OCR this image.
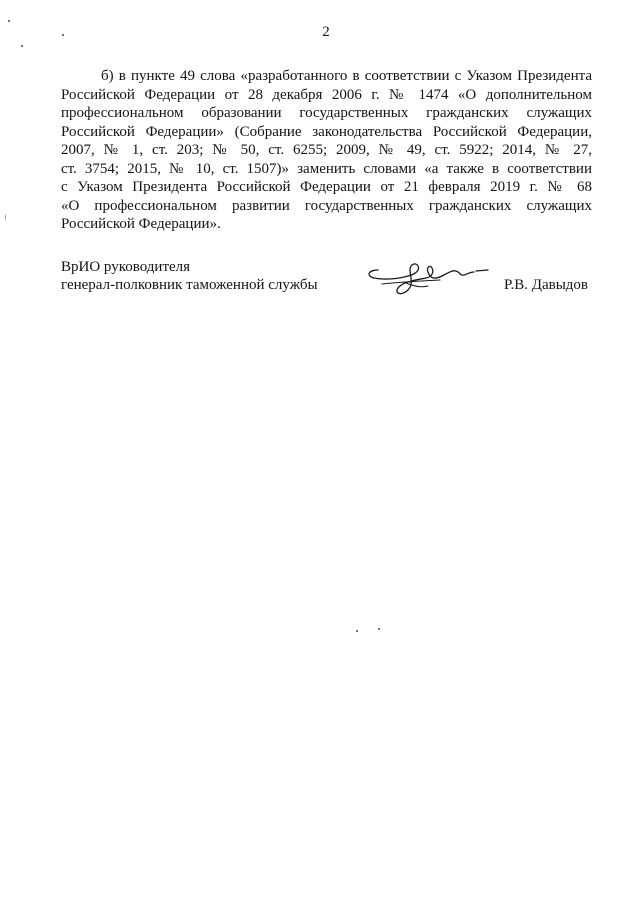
2
б) в пункте 49 слова «разработанного в соответствии с Указом Президента
Российской Федерации от 28 декабря 2006 г. № 1474 «О дополнительном
профессиональном образовании государственных гражданских служащих
Российской Федерации» (Собрание законодательства Российской Федерации,
2007, № 1, ст. 203; № 50, ст. 6255; 2009, № 49, ст. 5922; 2014, № 27,
ст. 3754; 2015, № 10, ст. 1507)» заменить словами «а также в соответствии
с Указом Президента Российской Федерации от 21 февраля 2019 г. № 68
«О профессиональном развитии государственных гражданских служащих
Российской Федерации».
ВрИО руководителя
генерал-полковник таможенной службы	Р.В. Давыдов
